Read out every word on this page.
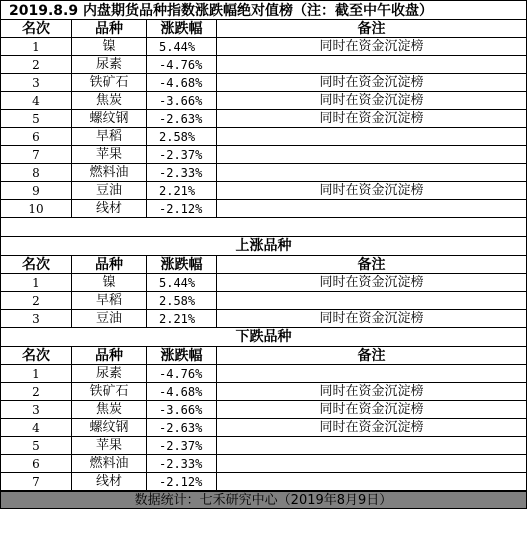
2019.8.9 内盘期货品种指数涨跌幅绝对值榜（注：截至中午收盘）
名次	品种	涨跌幅	备注
1	镍	5.44%	同时在资金沉淀榜
2	尿素	-4.76%
3	铁矿石	-4.68%	同时在资金沉淀榜
4	焦炭	-3.66%	同时在资金沉淀榜
5	螺纹钢	-2.63%	同时在资金沉淀榜
6	早稻	2.58%
7	苹果	-2.37%
8	燃料油	-2.33%
9	豆油	2.21%	同时在资金沉淀榜
10	线材	-2.12%
上涨品种
名次	品种	涨跌幅	备注
1	镍	5.44%	同时在资金沉淀榜
2	早稻	2.58%
3	豆油	2.21%	同时在资金沉淀榜
下跌品种
名次	品种	涨跌幅	备注
1	尿素	-4.76%
2	铁矿石	-4.68%	同时在资金沉淀榜
3	焦炭	-3.66%	同时在资金沉淀榜
4	螺纹钢	-2.63%	同时在资金沉淀榜
5	苹果	-2.37%
6	燃料油	-2.33%
7	线材	-2.12%
数据统计：七禾研究中心（2019年8月9日）
